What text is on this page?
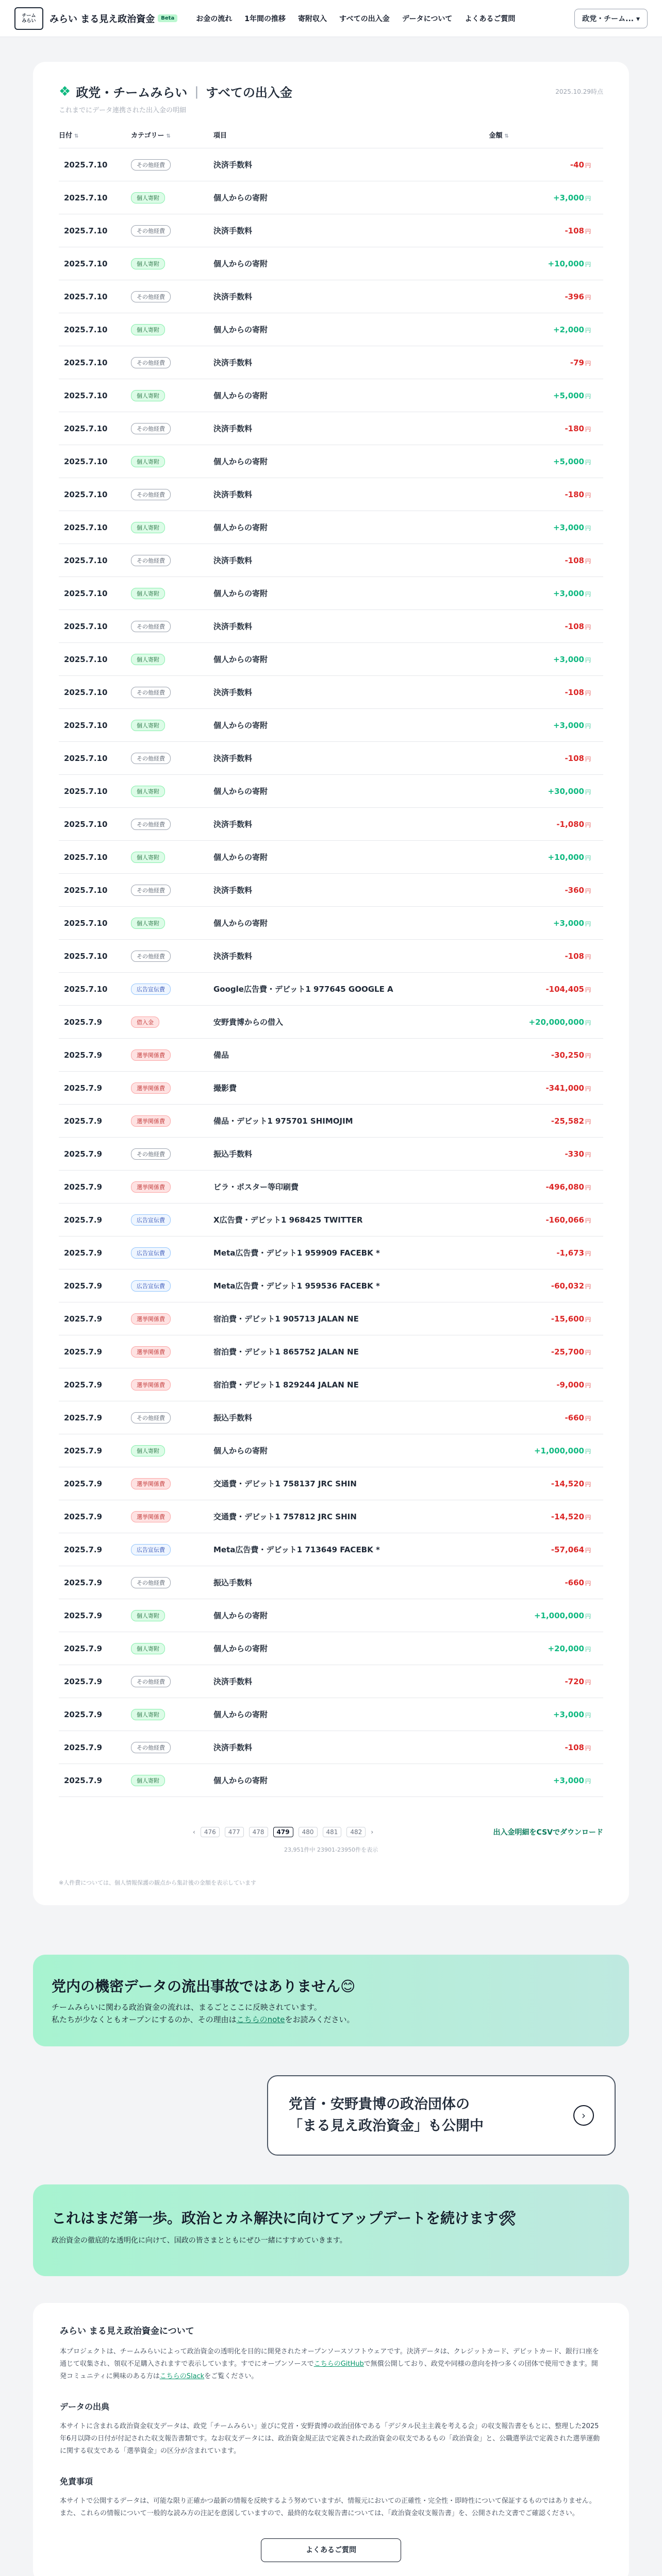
チーム
みらい	みらい まる見え政治資金	Beta	お金の流れ 1年間の推移 寄附収入 すべての出入金 データについて よくあるご質問	政党・チーム... ▾
❖ 政党・チームみらい | すべての出入金	2025.10.29時点
これまでにデータ連携された出入金の明細
日付 ⇅	カテゴリー ⇅	項目	金額 ⇅
2025.7.10	その他経費	決済手数料	-40 円
2025.7.10	個人寄附	個人からの寄附	+3,000 円
2025.7.10	その他経費	決済手数料	-108 円
2025.7.10	個人寄附	個人からの寄附	+10,000 円
2025.7.10	その他経費	決済手数料	-396 円
2025.7.10	個人寄附	個人からの寄附	+2,000 円
2025.7.10	その他経費	決済手数料	-79 円
2025.7.10	個人寄附	個人からの寄附	+5,000 円
2025.7.10	その他経費	決済手数料	-180 円
2025.7.10	個人寄附	個人からの寄附	+5,000 円
2025.7.10	その他経費	決済手数料	-180 円
2025.7.10	個人寄附	個人からの寄附	+3,000 円
2025.7.10	その他経費	決済手数料	-108 円
2025.7.10	個人寄附	個人からの寄附	+3,000 円
2025.7.10	その他経費	決済手数料	-108 円
2025.7.10	個人寄附	個人からの寄附	+3,000 円
2025.7.10	その他経費	決済手数料	-108 円
2025.7.10	個人寄附	個人からの寄附	+3,000 円
2025.7.10	その他経費	決済手数料	-108 円
2025.7.10	個人寄附	個人からの寄附	+30,000 円
2025.7.10	その他経費	決済手数料	-1,080 円
2025.7.10	個人寄附	個人からの寄附	+10,000 円
2025.7.10	その他経費	決済手数料	-360 円
2025.7.10	個人寄附	個人からの寄附	+3,000 円
2025.7.10	その他経費	決済手数料	-108 円
2025.7.10	広告宣伝費	Google広告費・デビット1 977645 GOOGLE A	-104,405 円
2025.7.9	借入金	安野貴博からの借入	+20,000,000 円
2025.7.9	選挙関係費	備品	-30,250 円
2025.7.9	選挙関係費	撮影費	-341,000 円
2025.7.9	選挙関係費	備品・デビット1 975701 SHIMOJIM	-25,582 円
2025.7.9	その他経費	振込手数料	-330 円
2025.7.9	選挙関係費	ビラ・ポスター等印刷費	-496,080 円
2025.7.9	広告宣伝費	X広告費・デビット1 968425 TWITTER	-160,066 円
2025.7.9	広告宣伝費	Meta広告費・デビット1 959909 FACEBK *	-1,673 円
2025.7.9	広告宣伝費	Meta広告費・デビット1 959536 FACEBK *	-60,032 円
2025.7.9	選挙関係費	宿泊費・デビット1 905713 JALAN NE	-15,600 円
2025.7.9	選挙関係費	宿泊費・デビット1 865752 JALAN NE	-25,700 円
2025.7.9	選挙関係費	宿泊費・デビット1 829244 JALAN NE	-9,000 円
2025.7.9	その他経費	振込手数料	-660 円
2025.7.9	個人寄附	個人からの寄附	+1,000,000 円
2025.7.9	選挙関係費	交通費・デビット1 758137 JRC SHIN	-14,520 円
2025.7.9	選挙関係費	交通費・デビット1 757812 JRC SHIN	-14,520 円
2025.7.9	広告宣伝費	Meta広告費・デビット1 713649 FACEBK *	-57,064 円
2025.7.9	その他経費	振込手数料	-660 円
2025.7.9	個人寄附	個人からの寄附	+1,000,000 円
2025.7.9	個人寄附	個人からの寄附	+20,000 円
2025.7.9	その他経費	決済手数料	-720 円
2025.7.9	個人寄附	個人からの寄附	+3,000 円
2025.7.9	その他経費	決済手数料	-108 円
2025.7.9	個人寄附	個人からの寄附	+3,000 円
‹	476	477	478	479	480	481	482	›	出入金明細をCSVでダウンロード
23,951件中 23901-23950件を表示
※人件費については、個人情報保護の観点から集計後の金額を表示しています
党内の機密データの流出事故ではありません😊

チームみらいに関わる政治資金の流れは、まるごとここに反映されています。
私たちが少なくともオープンにするのか、その理由はこちらのnoteをお読みください。

党首・安野貴博の政治団体の
「まる見え政治資金」も公開中
›
これはまだ第一歩。政治とカネ解決に向けてアップデートを続けます🛠

政治資金の徹底的な透明化に向けて、国政の皆さまとともにぜひ一緒にすすめていきます。

みらい まる見え政治資金について

本プロジェクトは、チームみらいによって政治資金の透明化を目的に開発されたオープンソースソフトウェアです。決済データは、クレジットカード、デビットカード、銀行口座を通じて収集され、領収不足購入されますで表示しています。すでにオープンソースでこちらのGitHubで無償公開しており、政党や同様の意向を持つ多くの団体で使用できます。開発コミュニティに興味のある方はこちらのSlackをご覧ください。

データの出典

本サイトに含まれる政治資金収支データは、政党「チームみらい」並びに党首・安野貴博の政治団体である「デジタル民主主義を考える会」の収支報告書をもとに、整理した2025年6月以降の日付が付記された収支報告書類です。なお収支データには、政治資金規正法で定義された政治資金の収支であるもの「政治資金」と、公職選挙法で定義された選挙運動に関する収支である「選挙資金」の区分が含まれています。

免責事項

本サイトで公開するデータは、可能な限り正確かつ最新の情報を反映するよう努めていますが、情報元においての正確性・完全性・即時性について保証するものではありません。また、これらの情報について一般的な読み方の注記を意図していますので、最終的な収支報告書については、「政治資金収支報告書」を、公開された文書でご確認ください。

よくあるご質問
